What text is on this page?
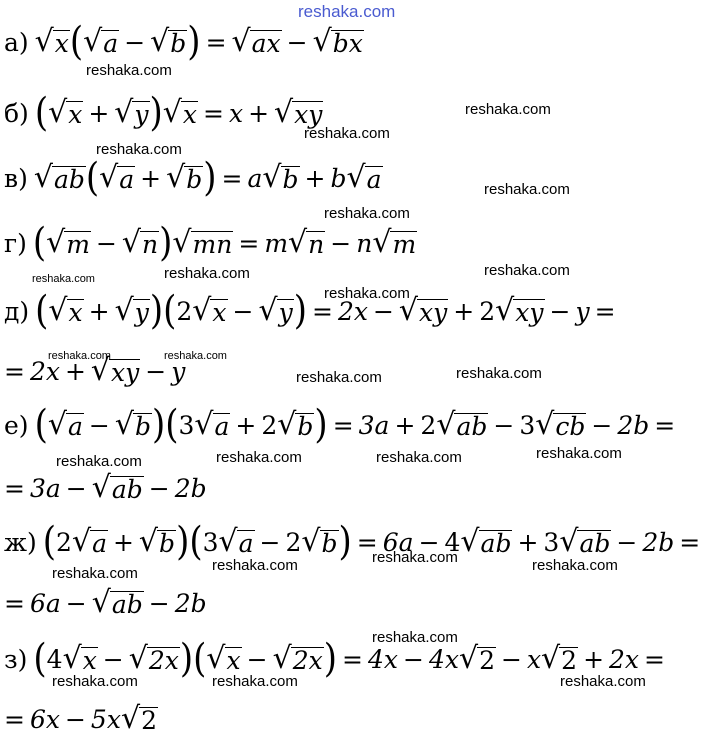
reshaka.com
а) √ x ( √ a − √ b ) = √ ax − √ bx
б) ( √ x + √ y ) √ x = x + √ xy
в) √ ab ( √ a + √ b ) = a √ b + b √ a
г) ( √ m − √ n ) √ mn = m √ n − n √ m
д) ( √ x + √ y ) ( 2 √ x − √ y ) = 2x − √ xy + 2 √ xy − y =
= 2x + √ xy − y
е) ( √ a − √ b ) ( 3 √ a + 2 √ b ) = 3a + 2 √ ab − 3 √ cb − 2b =
= 3a − √ ab − 2b
ж) ( 2 √ a + √ b ) ( 3 √ a − 2 √ b ) = 6a − 4 √ ab + 3 √ ab − 2b =
= 6a − √ ab − 2b
з) ( 4 √ x − √ 2x ) ( √ x − √ 2x ) = 4x − 4x √ 2 − x √ 2 + 2x =
= 6x − 5x √ 2
reshaka.com
reshaka.com
reshaka.com
reshaka.com
reshaka.com
reshaka.com
reshaka.com
reshaka.com	reshaka.com
reshaka.com
reshaka.com	reshaka.com
reshaka.com
reshaka.com
reshaka.com
reshaka.com	reshaka.com
reshaka.com
reshaka.com
reshaka.com	reshaka.com
reshaka.com
reshaka.com
reshaka.com	reshaka.com	reshaka.com
